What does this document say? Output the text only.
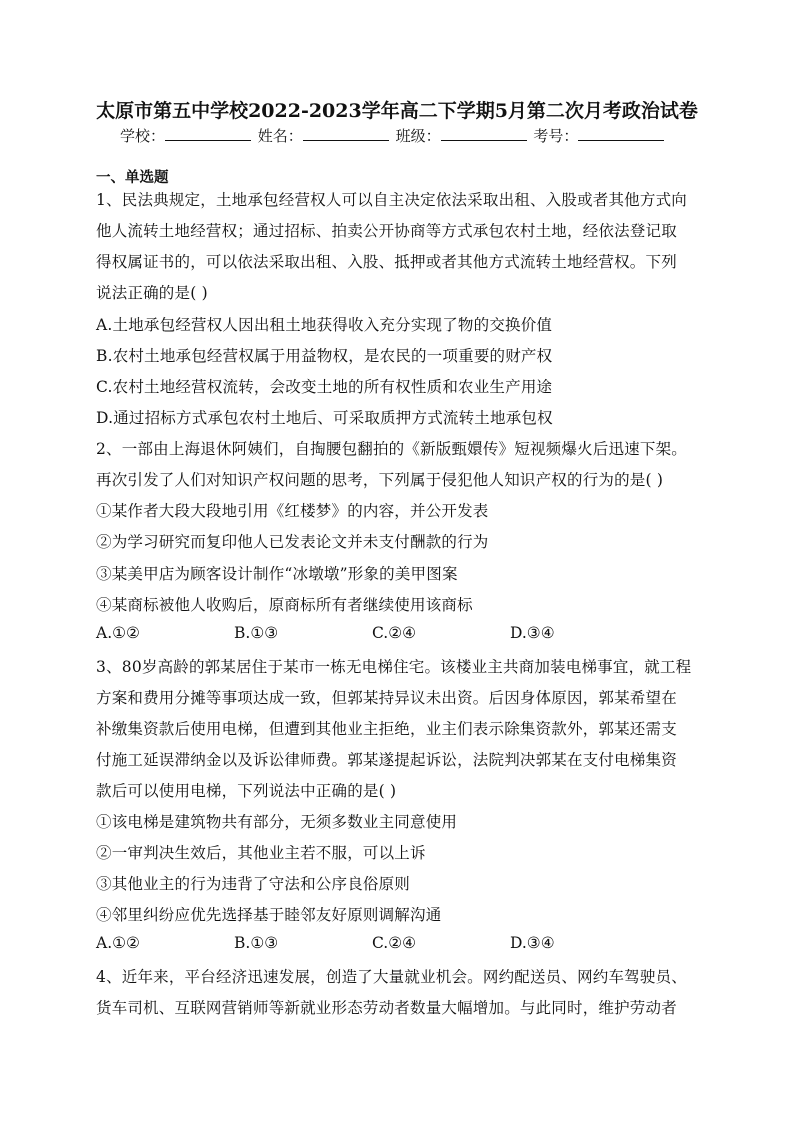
太原市第五中学校2022-2023学年高二下学期5月第二次月考政治试卷
学校：	姓名：	班级：	考号：
一、单选题
1、民法典规定，土地承包经营权人可以自主决定依法采取出租、入股或者其他方式向
他人流转土地经营权；通过招标、拍卖公开协商等方式承包农村土地，经依法登记取
得权属证书的，可以依法采取出租、入股、抵押或者其他方式流转土地经营权。下列
说法正确的是( )
A.土地承包经营权人因出租土地获得收入充分实现了物的交换价值
B.农村土地承包经营权属于用益物权，是农民的一项重要的财产权
C.农村土地经营权流转，会改变土地的所有权性质和农业生产用途
D.通过招标方式承包农村土地后、可采取质押方式流转土地承包权
2、一部由上海退休阿姨们，自掏腰包翻拍的《新版甄嬛传》短视频爆火后迅速下架。
再次引发了人们对知识产权问题的思考，下列属于侵犯他人知识产权的行为的是( )
①某作者大段大段地引用《红楼梦》的内容，并公开发表
②为学习研究而复印他人已发表论文并未支付酬款的行为
③某美甲店为顾客设计制作“冰墩墩”形象的美甲图案
④某商标被他人收购后，原商标所有者继续使用该商标
A.①②	B.①③	C.②④	D.③④
3、80岁高龄的郭某居住于某市一栋无电梯住宅。该楼业主共商加装电梯事宜，就工程
方案和费用分摊等事项达成一致，但郭某持异议未出资。后因身体原因，郭某希望在
补缴集资款后使用电梯，但遭到其他业主拒绝，业主们表示除集资款外，郭某还需支
付施工延误滞纳金以及诉讼律师费。郭某遂提起诉讼，法院判决郭某在支付电梯集资
款后可以使用电梯，下列说法中正确的是( )
①该电梯是建筑物共有部分，无须多数业主同意使用
②一审判决生效后，其他业主若不服，可以上诉
③其他业主的行为违背了守法和公序良俗原则
④邻里纠纷应优先选择基于睦邻友好原则调解沟通
A.①②	B.①③	C.②④	D.③④
4、近年来，平台经济迅速发展，创造了大量就业机会。网约配送员、网约车驾驶员、
货车司机、互联网营销师等新就业形态劳动者数量大幅增加。与此同时，维护劳动者
